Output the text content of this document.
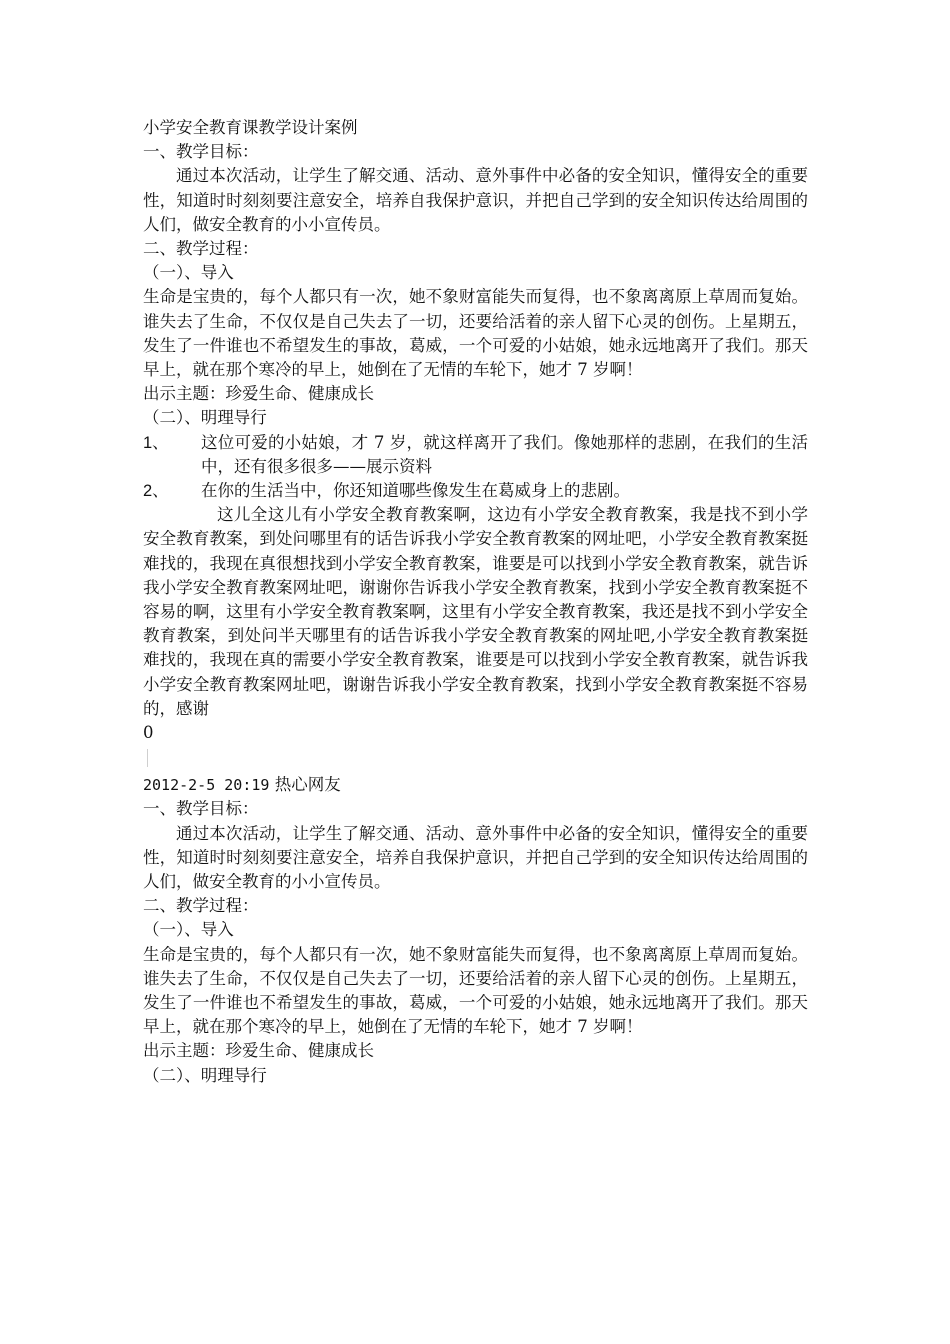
小学安全教育课教学设计案例
一、教学目标：
通过本次活动，让学生了解交通、活动、意外事件中必备的安全知识，懂得安全的重要性，知道时时刻刻要注意安全，培养自我保护意识，并把自己学到的安全知识传达给周围的人们，做安全教育的小小宣传员。
二、教学过程：
（一）、导入
生命是宝贵的，每个人都只有一次，她不象财富能失而复得，也不象离离原上草周而复始。谁失去了生命，不仅仅是自己失去了一切，还要给活着的亲人留下心灵的创伤。上星期五，发生了一件谁也不希望发生的事故，葛威，一个可爱的小姑娘，她永远地离开了我们。那天早上，就在那个寒冷的早上，她倒在了无情的车轮下，她才 7 岁啊！
出示主题：珍爱生命、健康成长
（二）、明理导行
1、	这位可爱的小姑娘，才 7 岁，就这样离开了我们。像她那样的悲剧，在我们的生活中，还有很多很多——展示资料
2、	在你的生活当中，你还知道哪些像发生在葛威身上的悲剧。
这儿全这儿有小学安全教育教案啊，这边有小学安全教育教案，我是找不到小学安全教育教案，到处问哪里有的话告诉我小学安全教育教案的网址吧，小学安全教育教案挺难找的，我现在真很想找到小学安全教育教案，谁要是可以找到小学安全教育教案，就告诉我小学安全教育教案网址吧，谢谢你告诉我小学安全教育教案，找到小学安全教育教案挺不容易的啊，这里有小学安全教育教案啊，这里有小学安全教育教案，我还是找不到小学安全教育教案，到处问半天哪里有的话告诉我小学安全教育教案的网址吧,小学安全教育教案挺难找的，我现在真的需要小学安全教育教案，谁要是可以找到小学安全教育教案，就告诉我小学安全教育教案网址吧，谢谢告诉我小学安全教育教案，找到小学安全教育教案挺不容易的，感谢
0
2012-2-5 20:19 热心网友
一、教学目标：
通过本次活动，让学生了解交通、活动、意外事件中必备的安全知识，懂得安全的重要性，知道时时刻刻要注意安全，培养自我保护意识，并把自己学到的安全知识传达给周围的人们，做安全教育的小小宣传员。
二、教学过程：
（一）、导入
生命是宝贵的，每个人都只有一次，她不象财富能失而复得，也不象离离原上草周而复始。谁失去了生命，不仅仅是自己失去了一切，还要给活着的亲人留下心灵的创伤。上星期五，发生了一件谁也不希望发生的事故，葛威，一个可爱的小姑娘，她永远地离开了我们。那天早上，就在那个寒冷的早上，她倒在了无情的车轮下，她才 7 岁啊！
出示主题：珍爱生命、健康成长
（二）、明理导行
